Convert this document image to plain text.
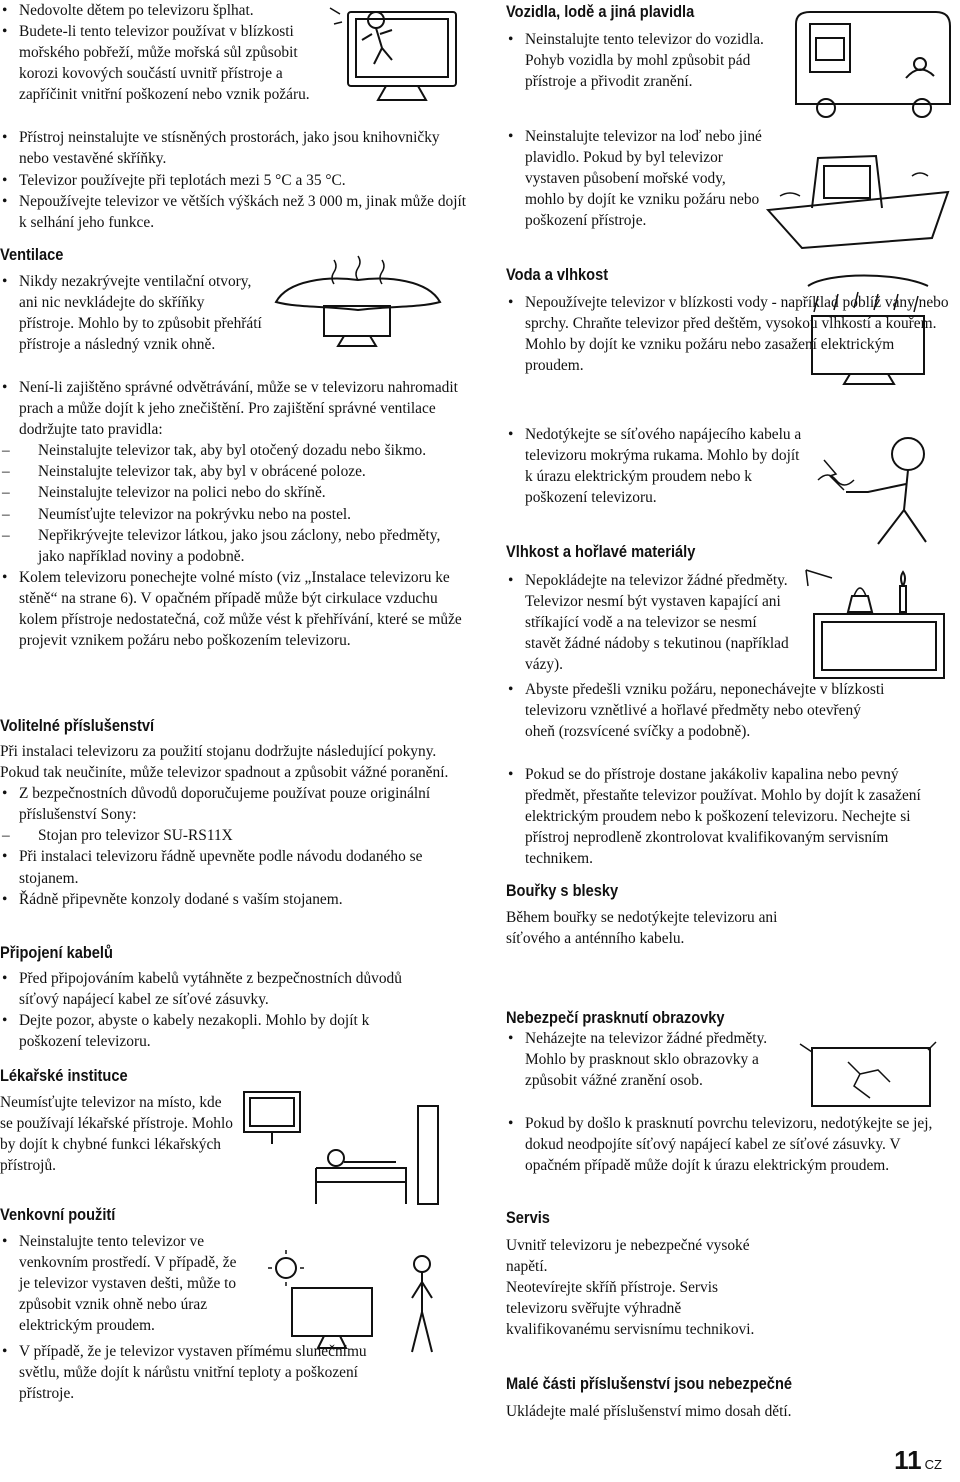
• Nedovolte dětem po televizoru šplhat.

• Budete-li tento televizor používat v blízkosti mořského pobřeží, může mořská sůl způsobit korozi kovových součástí uvnitř přístroje a zapříčinit vnitřní poškození nebo vznik požáru.

• Přístroj neinstalujte ve stísněných prostorách, jako jsou knihovničky nebo vestavěné skříňky.

• Televizor používejte při teplotách mezi 5 °C a 35 °C.

• Nepoužívejte televizor ve větších výškách než 3 000 m, jinak může dojít k selhání jeho funkce.

Ventilace

• Nikdy nezakrývejte ventilační otvory, ani nic nevkládejte do skříňky přístroje. Mohlo by to způsobit přehřátí přístroje a následný vznik ohně.

• Není-li zajištěno správné odvětrávání, může se v televizoru nahromadit prach a může dojít k jeho znečištění. Pro zajištění správné ventilace dodržujte tato pravidla:

– Neinstalujte televizor tak, aby byl otočený dozadu nebo šikmo.

– Neinstalujte televizor tak, aby byl v obrácené poloze.

– Neinstalujte televizor na polici nebo do skříně.

– Neumísťujte televizor na pokrývku nebo na postel.

– Nepřikrývejte televizor látkou, jako jsou záclony, nebo předměty, jako například noviny a podobně.

• Kolem televizoru ponechejte volné místo (viz „Instalace televizoru ke stěně“ na strane 6). V opačném případě může být cirkulace vzduchu kolem přístroje nedostatečná, což může vést k přehřívání, které se může projevit vznikem požáru nebo poškozením televizoru.

Volitelné příslušenství

Při instalaci televizoru za použití stojanu dodržujte následující pokyny. Pokud tak neučiníte, může televizor spadnout a způsobit vážné poranění.

• Z bezpečnostních důvodů doporučujeme používat pouze originální příslušenství Sony:

– Stojan pro televizor SU-RS11X

• Při instalaci televizoru řádně upevněte podle návodu dodaného se stojanem.

• Řádně připevněte konzoly dodané s vaším stojanem.

Připojení kabelů

• Před připojováním kabelů vytáhněte z bezpečnostních důvodů síťový napájecí kabel ze síťové zásuvky.

• Dejte pozor, abyste o kabely nezakopli. Mohlo by dojít k poškození televizoru.

Lékařské instituce

Neumísťujte televizor na místo, kde se používají lékařské přístroje. Mohlo by dojít k chybné funkci lékařských přístrojů.

Venkovní použití

• Neinstalujte tento televizor ve venkovním prostředí. V případě, že je televizor vystaven dešti, může to způsobit vznik ohně nebo úraz elektrickým proudem.

• V případě, že je televizor vystaven přímému slunečnímu světlu, může dojít k nárůstu vnitřní teploty a poškození přístroje.

Vozidla, lodě a jiná plavidla

• Neinstalujte tento televizor do vozidla. Pohyb vozidla by mohl způsobit pád přístroje a přivodit zranění.

• Neinstalujte televizor na loď nebo jiné plavidlo. Pokud by byl televizor vystaven působení mořské vody, mohlo by dojít ke vzniku požáru nebo poškození přístroje.

Voda a vlhkost

• Nepoužívejte televizor v blízkosti vody - například poblíž vany nebo sprchy. Chraňte televizor před deštěm, vysokou vlhkostí a kouřem. Mohlo by dojít ke vzniku požáru nebo zasažení elektrickým proudem.

• Nedotýkejte se síťového napájecího kabelu a televizoru mokrýma rukama. Mohlo by dojít k úrazu elektrickým proudem nebo k poškození televizoru.

Vlhkost a hořlavé materiály

• Nepokládejte na televizor žádné předměty. Televizor nesmí být vystaven kapající ani stříkající vodě a na televizor se nesmí stavět žádné nádoby s tekutinou (například vázy).

• Abyste předešli vzniku požáru, neponechávejte v blízkosti televizoru vznětlivé a hořlavé předměty nebo otevřený oheň (rozsvícené svíčky a podobně).

• Pokud se do přístroje dostane jakákoliv kapalina nebo pevný předmět, přestaňte televizor používat. Mohlo by dojít k zasažení elektrickým proudem nebo k poškození televizoru. Nechejte si přístroj neprodleně zkontrolovat kvalifikovaným servisním technikem.

Bouřky s blesky

Během bouřky se nedotýkejte televizoru ani síťového a anténního kabelu.

Nebezpečí prasknutí obrazovky

• Neházejte na televizor žádné předměty. Mohlo by prasknout sklo obrazovky a způsobit vážné zranění osob.

• Pokud by došlo k prasknutí povrchu televizoru, nedotýkejte se jej, dokud neodpojíte síťový napájecí kabel ze síťové zásuvky. V opačném případě může dojít k úrazu elektrickým proudem.

Servis

Uvnitř televizoru je nebezpečné vysoké napětí.

Neotevírejte skříň přístroje. Servis televizoru svěřujte výhradně kvalifikovanému servisnímu technikovi.

Malé části příslušenství jsou nebezpečné

Ukládejte malé příslušenství mimo dosah dětí.

11 CZ
